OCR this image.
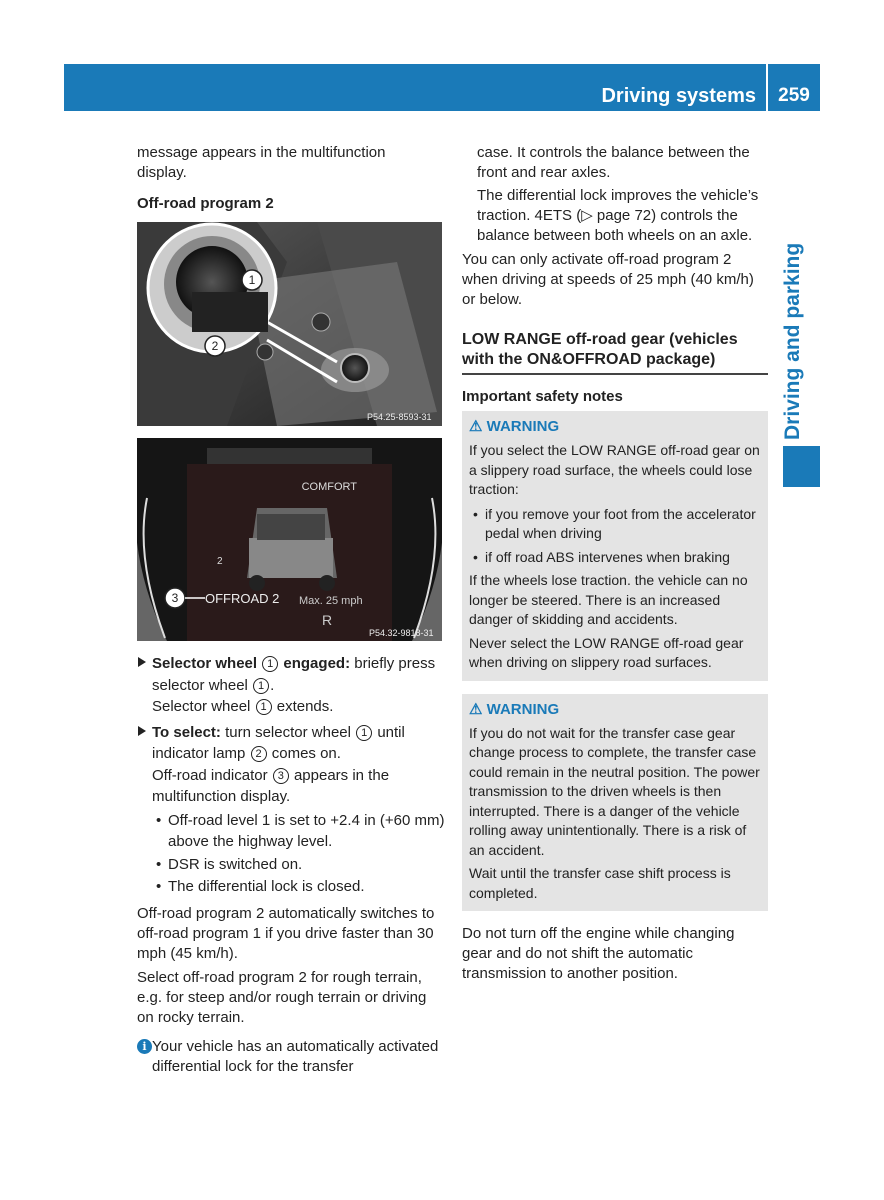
Driving systems	259
Driving and parking

message appears in the multifunction

display.

Off-road program 2

1
2
P54.25-8593-31
COMFORT
2
OFFROAD 2 Max. 25 mph
R
3
P54.32-9818-31
Selector wheel 1 engaged: briefly press selector wheel 1 .
Selector wheel 1 extends.
To select: turn selector wheel 1 until indicator lamp 2 comes on.
Off-road indicator 3 appears in the multifunction display.
• Off-road level 1 is set to +2.4 in (+60 mm) above the highway level.
• DSR is switched on.
• The differential lock is closed.

Off-road program 2 automatically switches to off-road program 1 if you drive faster than 30 mph (45 km/h).

Select off-road program 2 for rough terrain, e.g. for steep and/or rough terrain or driving on rocky terrain.

i Your vehicle has an automatically activated differential lock for the transfer

case. It controls the balance between the front and rear axles.

The differential lock improves the vehicle’s traction. 4ETS (▷ page 72) controls the balance between both wheels on an axle.

You can only activate off-road program 2 when driving at speeds of 25 mph (40 km/h) or below.

LOW RANGE off-road gear (vehicles with the ON&OFFROAD package)

Important safety notes

⚠ WARNING

If you select the LOW RANGE off-road gear on a slippery road surface, the wheels could lose traction:

• if you remove your foot from the accelerator pedal when driving
• if off road ABS intervenes when braking

If the wheels lose traction. the vehicle can no longer be steered. There is an increased danger of skidding and accidents.

Never select the LOW RANGE off-road gear when driving on slippery road surfaces.

⚠ WARNING

If you do not wait for the transfer case gear change process to complete, the transfer case could remain in the neutral position. The power transmission to the driven wheels is then interrupted. There is a danger of the vehicle rolling away unintentionally. There is a risk of an accident.

Wait until the transfer case shift process is completed.

Do not turn off the engine while changing gear and do not shift the automatic transmission to another position.
